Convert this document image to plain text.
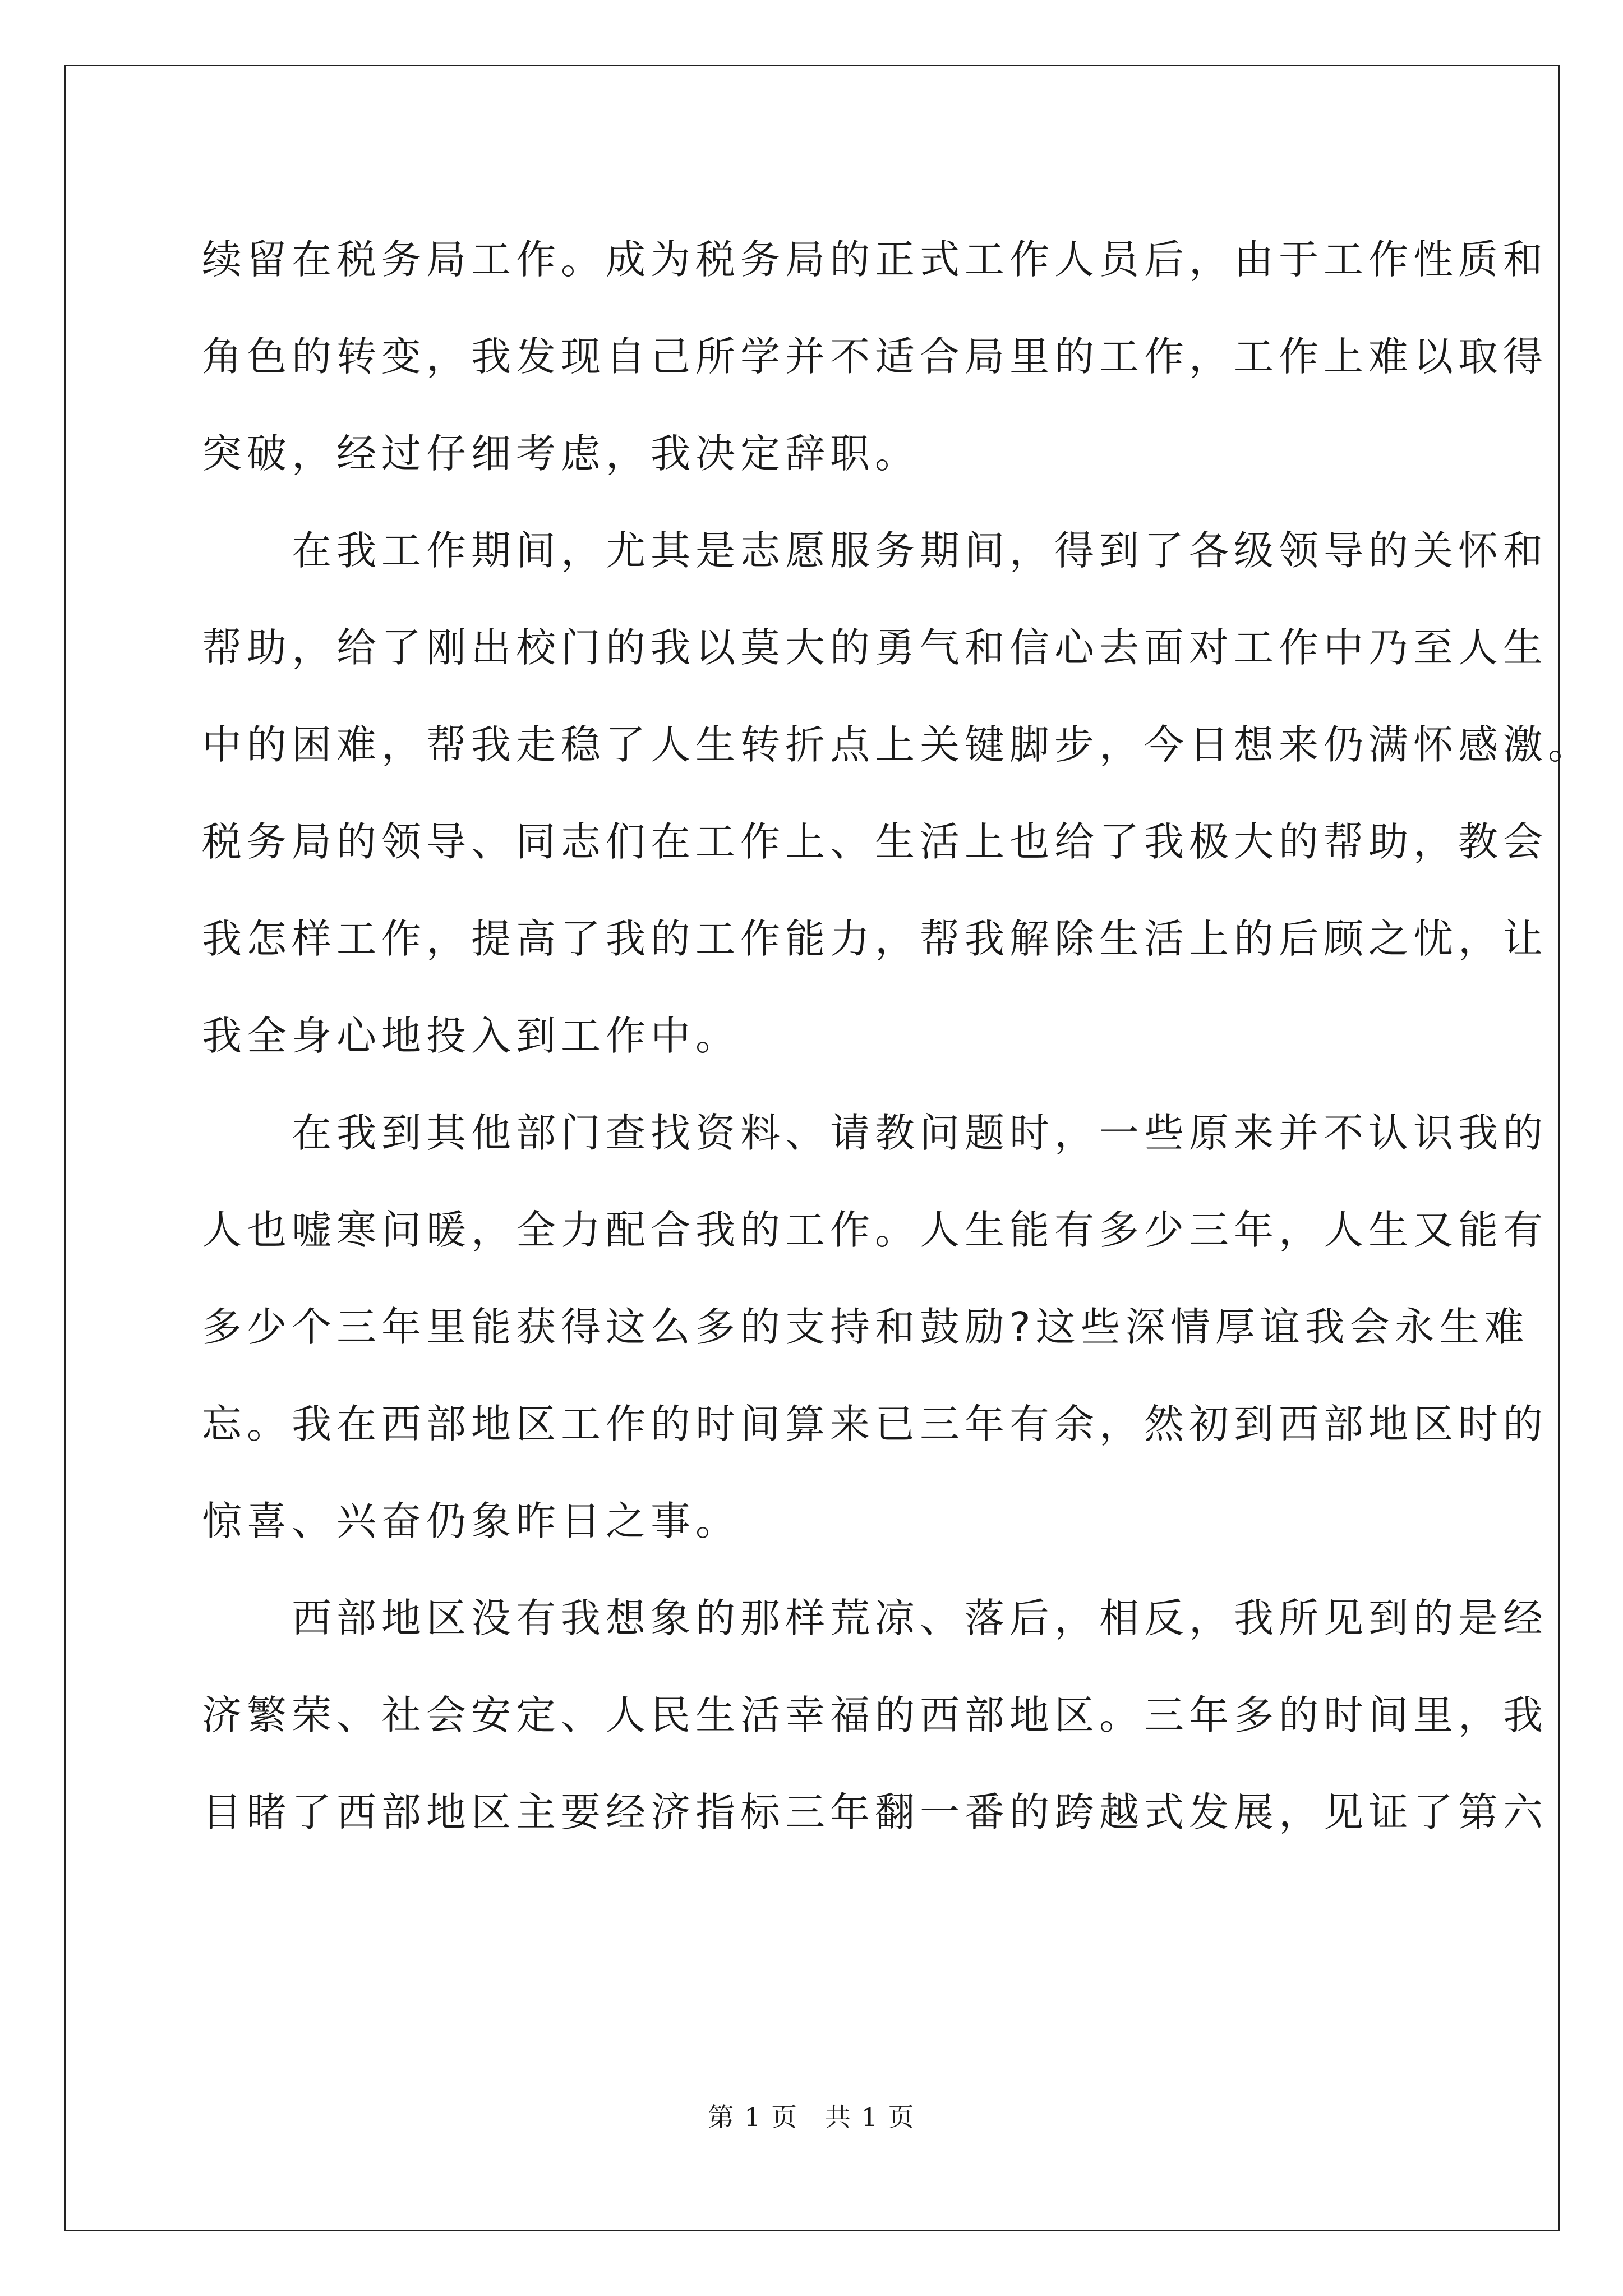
续留在税务局工作。成为税务局的正式工作人员后，由于工作性质和
角色的转变，我发现自己所学并不适合局里的工作，工作上难以取得
突破，经过仔细考虑，我决定辞职。
　　在我工作期间，尤其是志愿服务期间，得到了各级领导的关怀和
帮助，给了刚出校门的我以莫大的勇气和信心去面对工作中乃至人生
中的困难，帮我走稳了人生转折点上关键脚步，今日想来仍满怀感激。
税务局的领导、同志们在工作上、生活上也给了我极大的帮助，教会
我怎样工作，提高了我的工作能力，帮我解除生活上的后顾之忧，让
我全身心地投入到工作中。
　　在我到其他部门查找资料、请教问题时，一些原来并不认识我的
人也嘘寒问暖，全力配合我的工作。人生能有多少三年，人生又能有
多少个三年里能获得这么多的支持和鼓励?这些深情厚谊我会永生难
忘。我在西部地区工作的时间算来已三年有余，然初到西部地区时的
惊喜、兴奋仍象昨日之事。
　　西部地区没有我想象的那样荒凉、落后，相反，我所见到的是经
济繁荣、社会安定、人民生活幸福的西部地区。三年多的时间里，我
目睹了西部地区主要经济指标三年翻一番的跨越式发展，见证了第六
第 1 页　共 1 页
